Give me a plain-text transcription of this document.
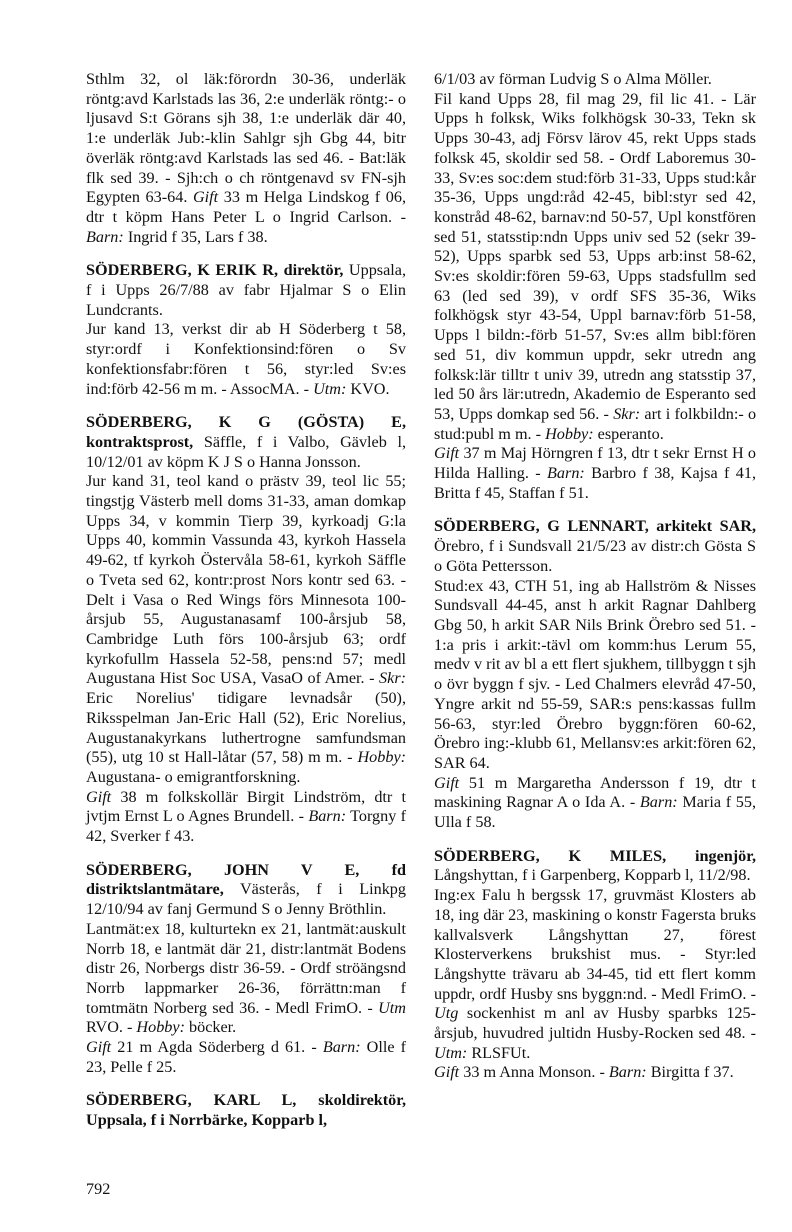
Sthlm 32, ol läk:förordn 30-36, underläk röntg:avd Karlstads las 36, 2:e underläk röntg:- o ljusavd S:t Görans sjh 38, 1:e underläk där 40, 1:e underläk Jub:-klin Sahlgr sjh Gbg 44, bitr överläk röntg:avd Karlstads las sed 46. - Bat:läk flk sed 39. - Sjh:ch o ch röntgenavd sv FN-sjh Egypten 63-64. Gift 33 m Helga Lindskog f 06, dtr t köpm Hans Peter L o Ingrid Carlson. - Barn: Ingrid f 35, Lars f 38.

SÖDERBERG, K ERIK R, direktör, Uppsala, f i Upps 26/7/88 av fabr Hjalmar S o Elin Lundcrants.

Jur kand 13, verkst dir ab H Söderberg t 58, styr:ordf i Konfektionsind:fören o Sv konfektionsfabr:fören t 56, styr:led Sv:es ind:förb 42-56 m m. - AssocMA. - Utm: KVO.

SÖDERBERG, K G (GÖSTA) E, kontraktsprost, Säffle, f i Valbo, Gävleb l, 10/12/01 av köpm K J S o Hanna Jonsson.

Jur kand 31, teol kand o prästv 39, teol lic 55; tingstjg Västerb mell doms 31-33, aman domkap Upps 34, v kommin Tierp 39, kyrkoadj G:la Upps 40, kommin Vassunda 43, kyrkoh Hassela 49-62, tf kyrkoh Östervåla 58-61, kyrkoh Säffle o Tveta sed 62, kontr:prost Nors kontr sed 63. - Delt i Vasa o Red Wings förs Minnesota 100-årsjub 55, Augustanasamf 100-årsjub 58, Cambridge Luth förs 100-årsjub 63; ordf kyrkofullm Hassela 52-58, pens:nd 57; medl Augustana Hist Soc USA, VasaO of Amer. - Skr: Eric Norelius' tidigare levnadsår (50), Riksspelman Jan-Eric Hall (52), Eric Norelius, Augustanakyrkans luthertrogne samfundsman (55), utg 10 st Hall-låtar (57, 58) m m. - Hobby: Augustana- o emigrantforskning.

Gift 38 m folkskollär Birgit Lindström, dtr t jvtjm Ernst L o Agnes Brundell. - Barn: Torgny f 42, Sverker f 43.

SÖDERBERG, JOHN V E, fd distriktslantmätare, Västerås, f i Linkpg 12/10/94 av fanj Germund S o Jenny Bröthlin.

Lantmät:ex 18, kulturtekn ex 21, lantmät:auskult Norrb 18, e lantmät där 21, distr:lantmät Bodens distr 26, Norbergs distr 36-59. - Ordf ströängsnd Norrb lappmarker 26-36, förrättn:man f tomtmätn Norberg sed 36. - Medl FrimO. - Utm RVO. - Hobby: böcker.

Gift 21 m Agda Söderberg d 61. - Barn: Olle f 23, Pelle f 25.

SÖDERBERG, KARL L, skoldirektör, Uppsala, f i Norrbärke, Kopparb l,

6/1/03 av förman Ludvig S o Alma Möller.

Fil kand Upps 28, fil mag 29, fil lic 41. - Lär Upps h folksk, Wiks folkhögsk 30-33, Tekn sk Upps 30-43, adj Försv lärov 45, rekt Upps stads folksk 45, skoldir sed 58. - Ordf Laboremus 30-33, Sv:es soc:dem stud:förb 31-33, Upps stud:kår 35-36, Upps ungd:råd 42-45, bibl:styr sed 42, konstråd 48-62, barnav:nd 50-57, Upl konstfören sed 51, statsstip:ndn Upps univ sed 52 (sekr 39-52), Upps sparbk sed 53, Upps arb:inst 58-62, Sv:es skoldir:fören 59-63, Upps stadsfullm sed 63 (led sed 39), v ordf SFS 35-36, Wiks folkhögsk styr 43-54, Uppl barnav:förb 51-58, Upps l bildn:-förb 51-57, Sv:es allm bibl:fören sed 51, div kommun uppdr, sekr utredn ang folksk:lär tilltr t univ 39, utredn ang statsstip 37, led 50 års lär:utredn, Akademio de Esperanto sed 53, Upps domkap sed 56. - Skr: art i folkbildn:- o stud:publ m m. - Hobby: esperanto.

Gift 37 m Maj Hörngren f 13, dtr t sekr Ernst H o Hilda Halling. - Barn: Barbro f 38, Kajsa f 41, Britta f 45, Staffan f 51.

SÖDERBERG, G LENNART, arkitekt SAR, Örebro, f i Sundsvall 21/5/23 av distr:ch Gösta S o Göta Pettersson.

Stud:ex 43, CTH 51, ing ab Hallström & Nisses Sundsvall 44-45, anst h arkit Ragnar Dahlberg Gbg 50, h arkit SAR Nils Brink Örebro sed 51. - 1:a pris i arkit:-tävl om komm:hus Lerum 55, medv v rit av bl a ett flert sjukhem, tillbyggn t sjh o övr byggn f sjv. - Led Chalmers elevråd 47-50, Yngre arkit nd 55-59, SAR:s pens:kassas fullm 56-63, styr:led Örebro byggn:fören 60-62, Örebro ing:-klubb 61, Mellansv:es arkit:fören 62, SAR 64.

Gift 51 m Margaretha Andersson f 19, dtr t maskining Ragnar A o Ida A. - Barn: Maria f 55, Ulla f 58.

SÖDERBERG, K MILES, ingenjör, Långshyttan, f i Garpenberg, Kopparb l, 11/2/98.

Ing:ex Falu h bergssk 17, gruvmäst Klosters ab 18, ing där 23, maskining o konstr Fagersta bruks kallvalsverk Långshyttan 27, förest Klosterverkens brukshist mus. - Styr:led Långshytte trävaru ab 34-45, tid ett flert komm uppdr, ordf Husby sns byggn:nd. - Medl FrimO. - Utg sockenhist m anl av Husby sparbks 125-årsjub, huvudred jultidn Husby-Rocken sed 48. - Utm: RLSFUt.

Gift 33 m Anna Monson. - Barn: Birgitta f 37.

792
